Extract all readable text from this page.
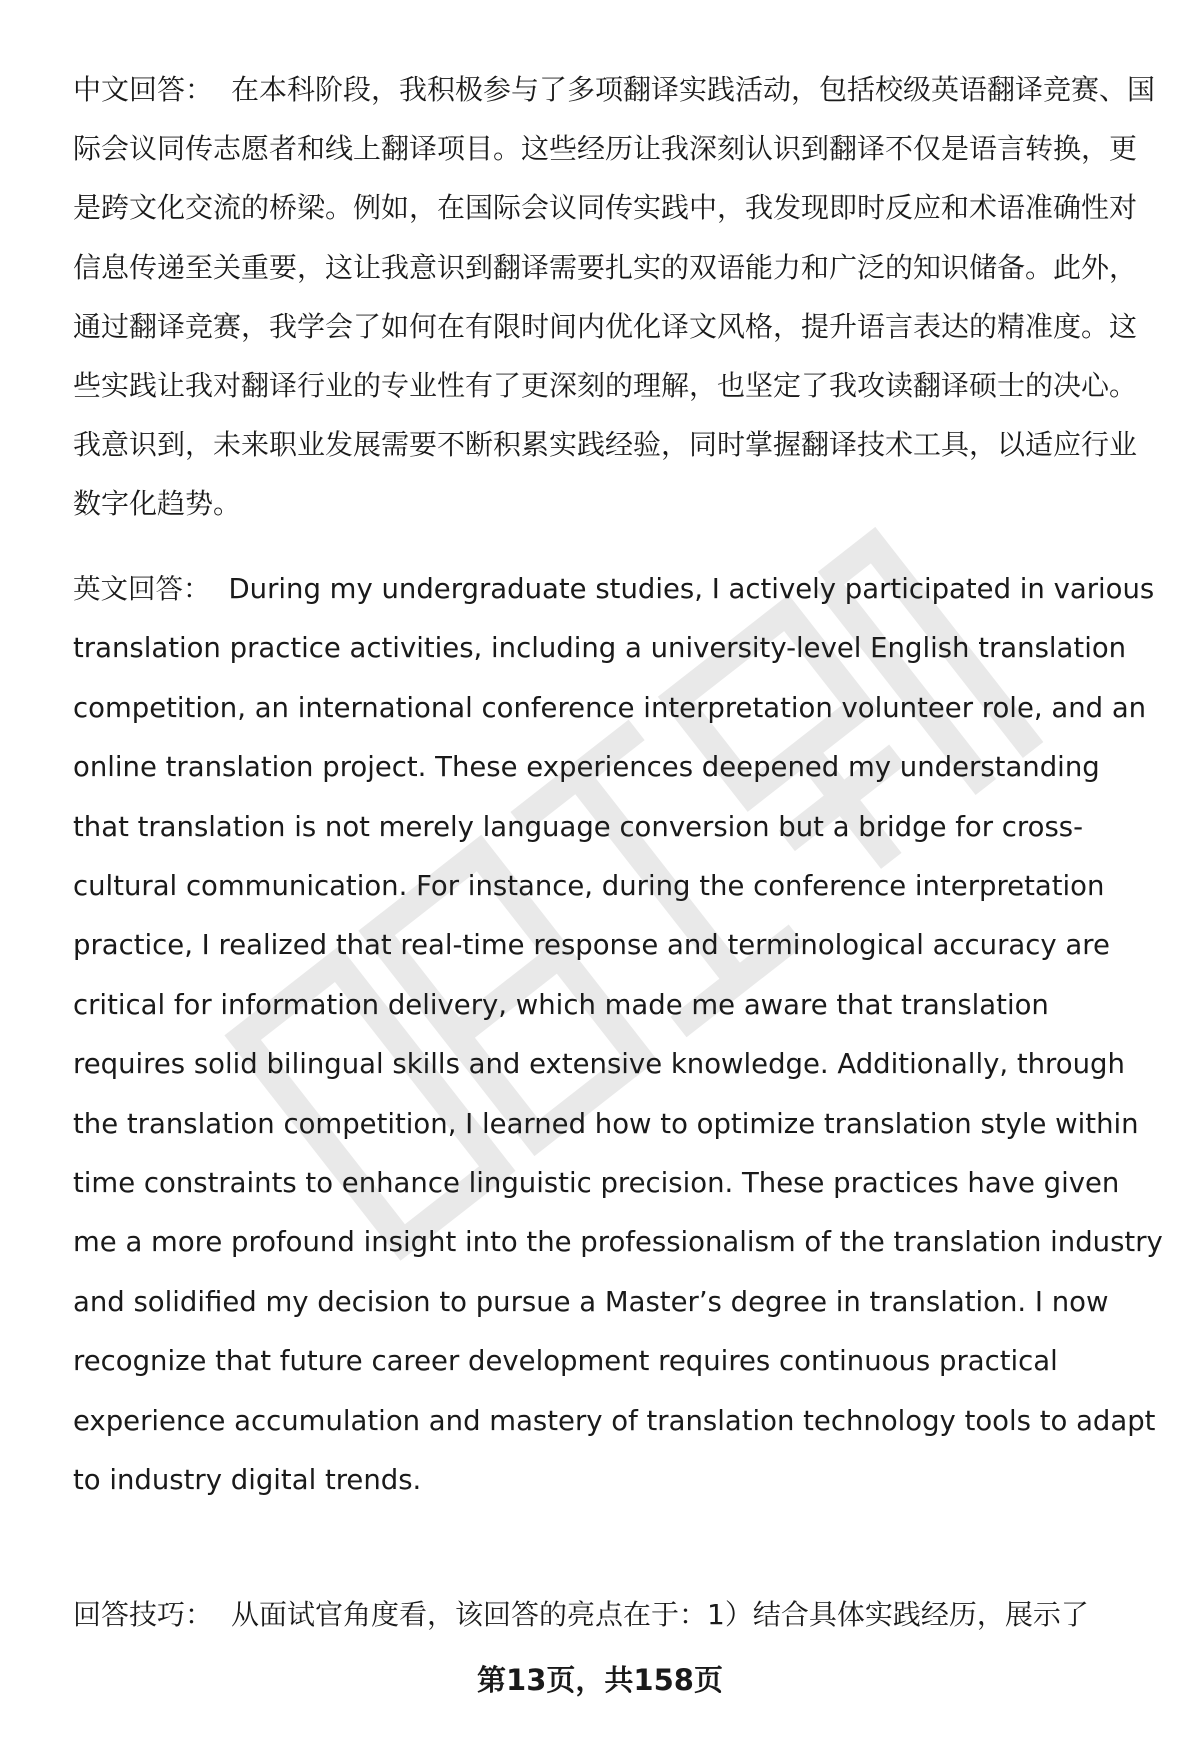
中文回答： 在本科阶段，我积极参与了多项翻译实践活动，包括校级英语翻译竞赛、国际会议同传志愿者和线上翻译项目。这些经历让我深刻认识到翻译不仅是语言转换，更是跨文化交流的桥梁。例如，在国际会议同传实践中，我发现即时反应和术语准确性对信息传递至关重要，这让我意识到翻译需要扎实的双语能力和广泛的知识储备。此外，通过翻译竞赛，我学会了如何在有限时间内优化译文风格，提升语言表达的精准度。这些实践让我对翻译行业的专业性有了更深刻的理解，也坚定了我攻读翻译硕士的决心。我意识到，未来职业发展需要不断积累实践经验，同时掌握翻译技术工具，以适应行业数字化趋势。

英文回答： During my undergraduate studies, I actively participated in various translation practice activities, including a university-level English translation competition, an international conference interpretation volunteer role, and an online translation project. These experiences deepened my understanding that translation is not merely language conversion but a bridge for cross-cultural communication. For instance, during the conference interpretation practice, I realized that real-time response and terminological accuracy are critical for information delivery, which made me aware that translation requires solid bilingual skills and extensive knowledge. Additionally, through the translation competition, I learned how to optimize translation style within time constraints to enhance linguistic precision. These practices have given me a more profound insight into the professionalism of the translation industry and solidified my decision to pursue a Master’s degree in translation. I now recognize that future career development requires continuous practical experience accumulation and mastery of translation technology tools to adapt to industry digital trends.

回答技巧： 从面试官角度看，该回答的亮点在于：1）结合具体实践经历，展示了

第13页，共158页
